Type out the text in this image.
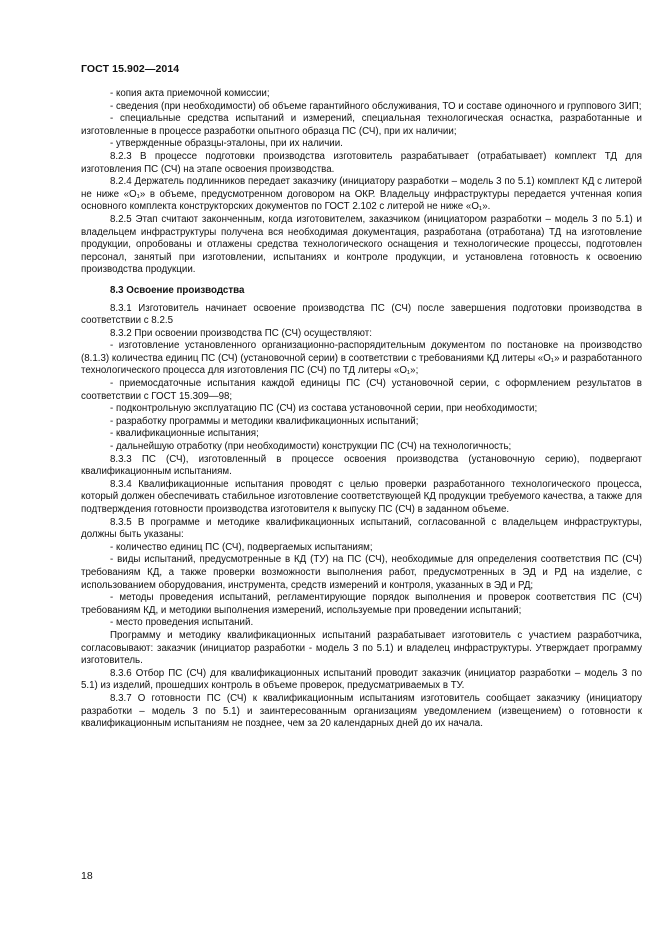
ГОСТ 15.902—2014

- копия акта приемочной комиссии;

- сведения (при необходимости) об объеме гарантийного обслуживания, ТО и составе одиночного и группового ЗИП;

- специальные средства испытаний и измерений, специальная технологическая оснастка, разработанные и изготовленные в процессе разработки опытного образца ПС (СЧ), при их наличии;

- утвержденные образцы-эталоны, при их наличии.

8.2.3 В процессе подготовки производства изготовитель разрабатывает (отрабатывает) комплект ТД для изготовления ПС (СЧ) на этапе освоения производства.

8.2.4 Держатель подлинников передает заказчику (инициатору разработки – модель 3 по 5.1) комплект КД с литерой не ниже «О₁» в объеме, предусмотренном договором на ОКР. Владельцу инфраструктуры передается учтенная копия основного комплекта конструкторских документов по ГОСТ 2.102 с литерой не ниже «О₁».

8.2.5 Этап считают законченным, когда изготовителем, заказчиком (инициатором разработки – модель 3 по 5.1) и владельцем инфраструктуры получена вся необходимая документация, разработана (отработана) ТД на изготовление продукции, опробованы и отлажены средства технологического оснащения и технологические процессы, подготовлен персонал, занятый при изготовлении, испытаниях и контроле продукции, и установлена готовность к освоению производства продукции.

8.3 Освоение производства

8.3.1 Изготовитель начинает освоение производства ПС (СЧ) после завершения подготовки производства в соответствии с 8.2.5

8.3.2 При освоении производства ПС (СЧ) осуществляют:

- изготовление установленного организационно-распорядительным документом по постановке на производство (8.1.3) количества единиц ПС (СЧ) (установочной серии) в соответствии с требованиями КД литеры «О₁» и разработанного технологического процесса для изготовления ПС (СЧ) по ТД литеры «О₁»;

- приемосдаточные испытания каждой единицы ПС (СЧ) установочной серии, с оформлением результатов в соответствии с ГОСТ 15.309—98;

- подконтрольную эксплуатацию ПС (СЧ) из состава установочной серии, при необходимости;

- разработку программы и методики квалификационных испытаний;

- квалификационные испытания;

- дальнейшую отработку (при необходимости) конструкции ПС (СЧ) на технологичность;

8.3.3 ПС (СЧ), изготовленный в процессе освоения производства (установочную серию), подвергают квалификационным испытаниям.

8.3.4 Квалификационные испытания проводят с целью проверки разработанного технологического процесса, который должен обеспечивать стабильное изготовление соответствующей КД продукции требуемого качества, а также для подтверждения готовности производства изготовителя к выпуску ПС (СЧ) в заданном объеме.

8.3.5 В программе и методике квалификационных испытаний, согласованной с владельцем инфраструктуры, должны быть указаны:

- количество единиц ПС (СЧ), подвергаемых испытаниям;

- виды испытаний, предусмотренные в КД (ТУ) на ПС (СЧ), необходимые для определения соответствия ПС (СЧ) требованиям КД, а также проверки возможности выполнения работ, предусмотренных в ЭД и РД на изделие, с использованием оборудования, инструмента, средств измерений и контроля, указанных в ЭД и РД;

- методы проведения испытаний, регламентирующие порядок выполнения и проверок соответствия ПС (СЧ) требованиям КД, и методики выполнения измерений, используемые при проведении испытаний;

- место проведения испытаний.

Программу и методику квалификационных испытаний разрабатывает изготовитель с участием разработчика, согласовывают: заказчик (инициатор разработки - модель 3 по 5.1) и владелец инфраструктуры. Утверждает программу изготовитель.

8.3.6 Отбор ПС (СЧ) для квалификационных испытаний проводит заказчик (инициатор разработки – модель 3 по 5.1) из изделий, прошедших контроль в объеме проверок, предусматриваемых в ТУ.

8.3.7 О готовности ПС (СЧ) к квалификационным испытаниям изготовитель сообщает заказчику (инициатору разработки – модель 3 по 5.1) и заинтересованным организациям уведомлением (извещением) о готовности к квалификационным испытаниям не позднее, чем за 20 календарных дней до их начала.

18
